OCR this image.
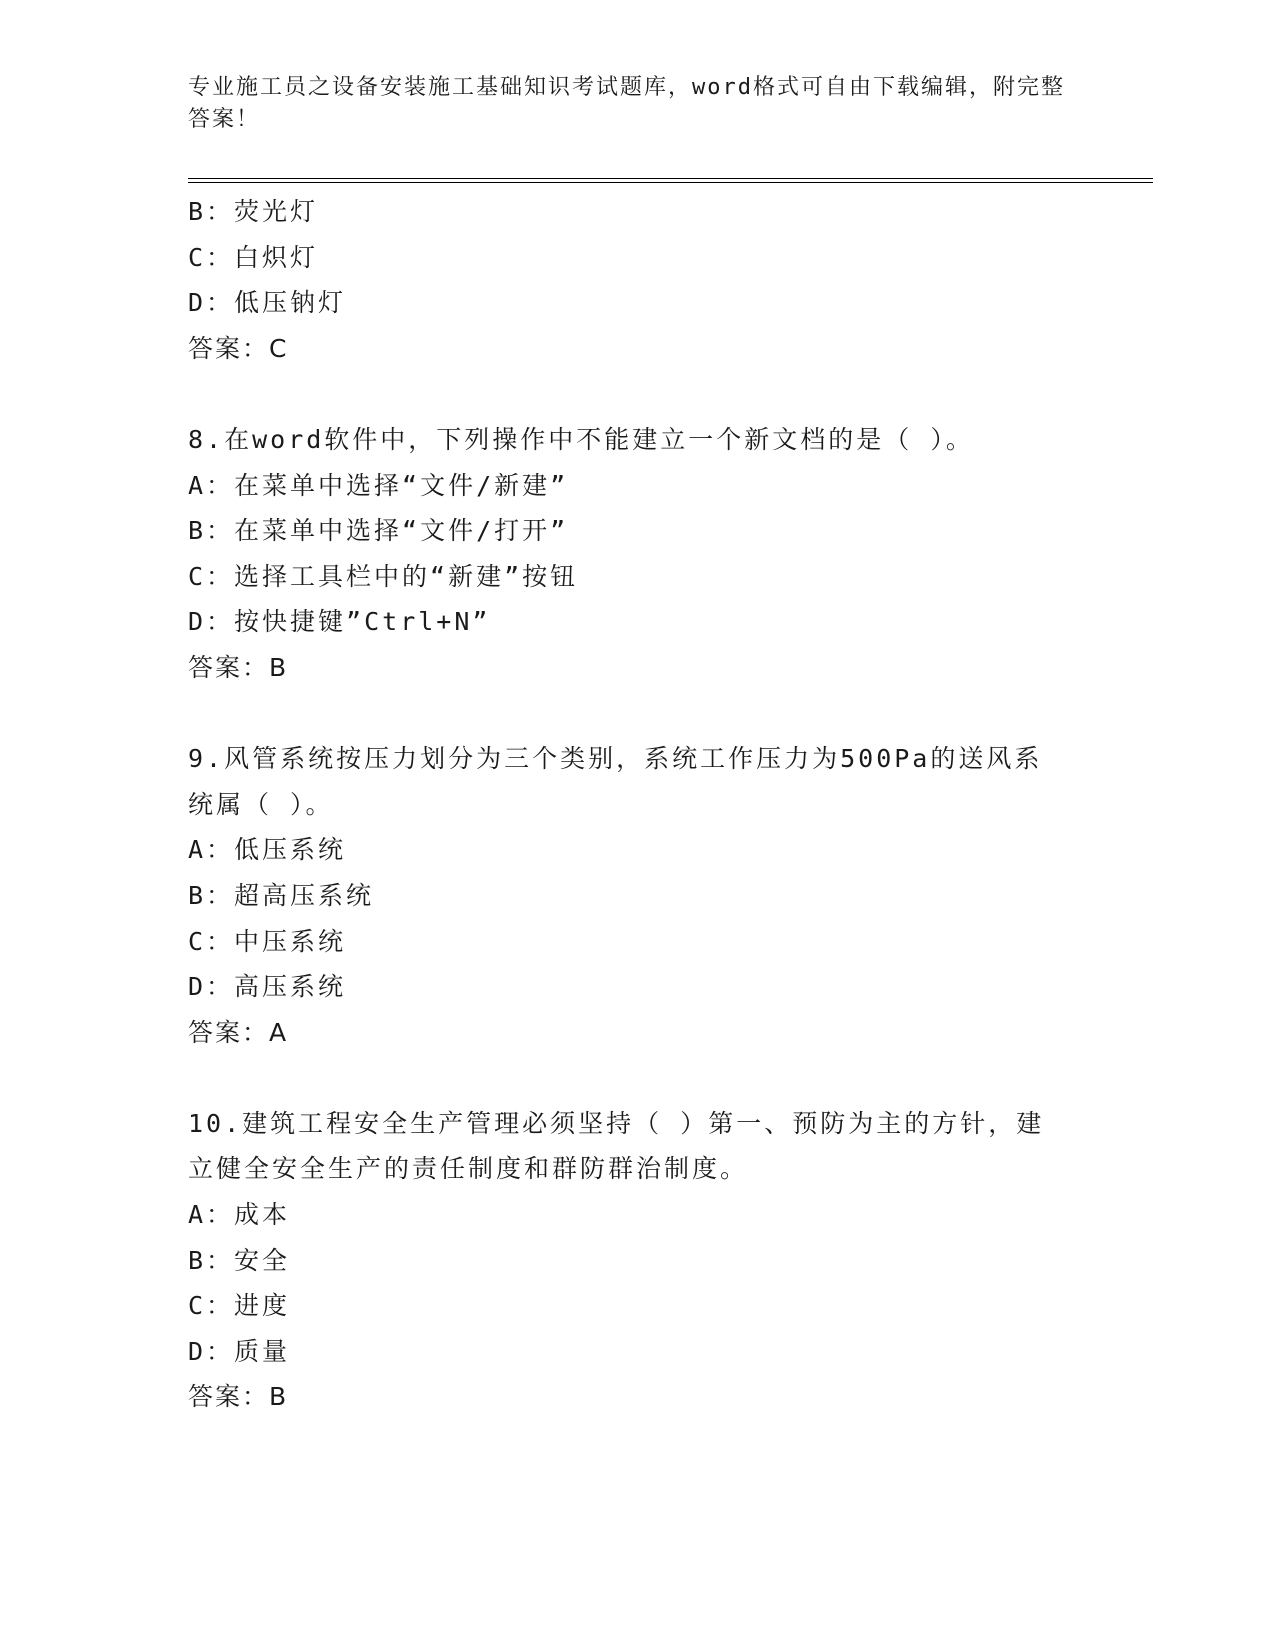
专业施工员之设备安装施工基础知识考试题库，word格式可自由下载编辑，附完整答案！
B：荧光灯
C：白炽灯
D：低压钠灯
答案：C
8.在word软件中，下列操作中不能建立一个新文档的是（ ）。
A：在菜单中选择“文件/新建”
B：在菜单中选择“文件/打开”
C：选择工具栏中的“新建”按钮
D：按快捷键”Ctrl+N”
答案：B
9.风管系统按压力划分为三个类别，系统工作压力为500Pa的送风系统属（ ）。
A：低压系统
B：超高压系统
C：中压系统
D：高压系统
答案：A
10.建筑工程安全生产管理必须坚持（ ）第一、预防为主的方针，建立健全安全生产的责任制度和群防群治制度。
A：成本
B：安全
C：进度
D：质量
答案：B
